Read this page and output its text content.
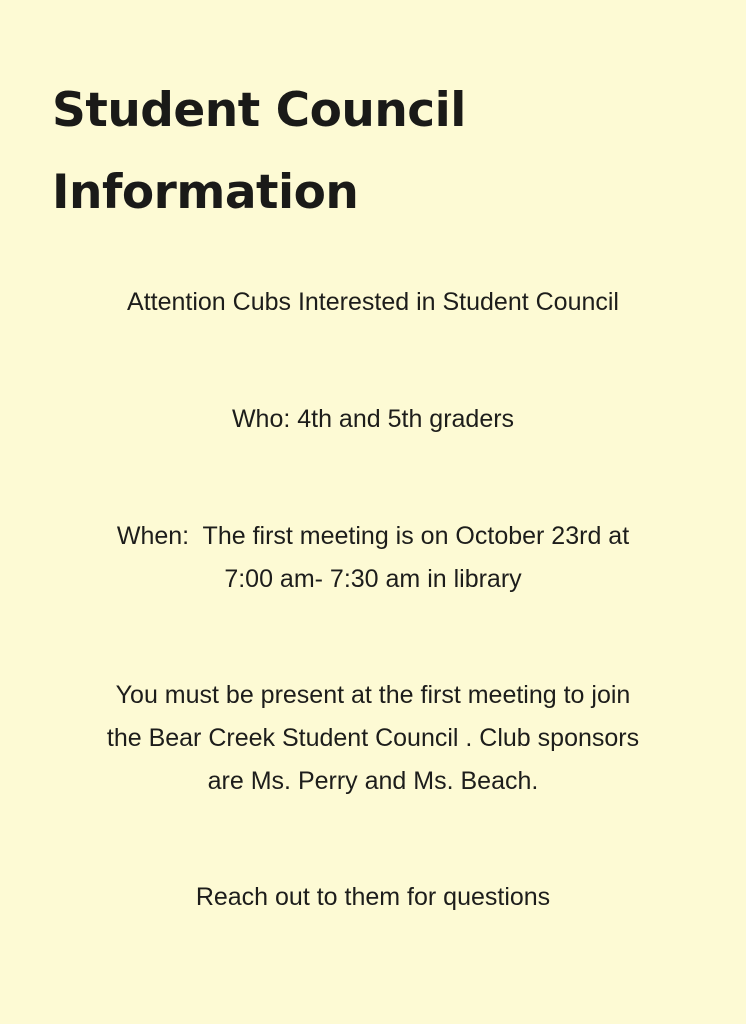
Student Council
Information

Attention Cubs Interested in Student Council

Who: 4th and 5th graders

When:  The first meeting is on October 23rd at
7:00 am- 7:30 am in library

You must be present at the first meeting to join
the Bear Creek Student Council . Club sponsors
are Ms. Perry and Ms. Beach.

Reach out to them for questions
